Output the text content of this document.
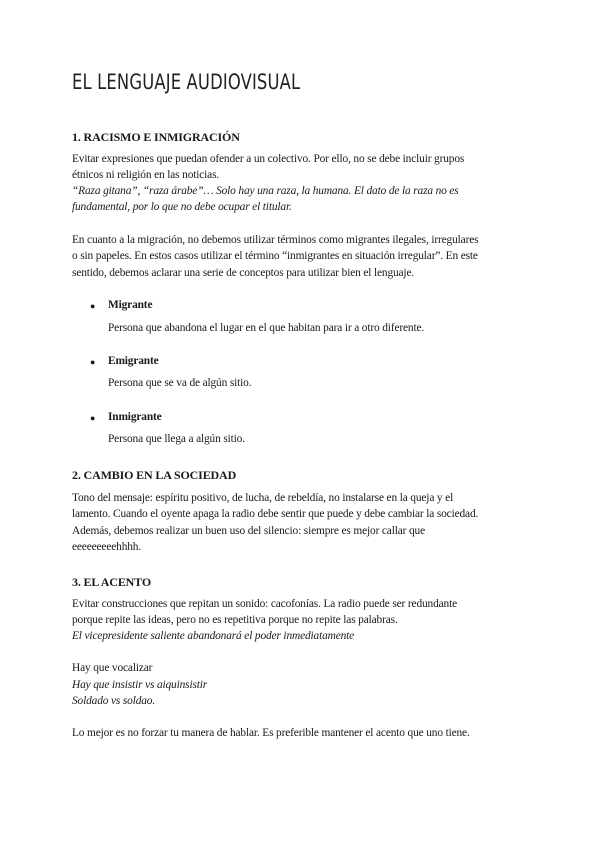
EL LENGUAJE AUDIOVISUAL
1. RACISMO E INMIGRACIÓN

Evitar expresiones que puedan ofender a un colectivo. Por ello, no se debe incluir grupos
étnicos ni religión en las noticias.

“Raza gitana”, “raza árabe”… Solo hay una raza, la humana. El dato de la raza no es
fundamental, por lo que no debe ocupar el titular.

En cuanto a la migración, no debemos utilizar términos como migrantes ilegales, irregulares
o sin papeles. En estos casos utilizar el término “inmigrantes en situación irregular”. En este
sentido, debemos aclarar una serie de conceptos para utilizar bien el lenguaje.

● Migrante
Persona que abandona el lugar en el que habitan para ir a otro diferente.
● Emigrante
Persona que se va de algún sitio.
● Inmigrante
Persona que llega a algún sitio.
2. CAMBIO EN LA SOCIEDAD

Tono del mensaje: espíritu positivo, de lucha, de rebeldía, no instalarse en la queja y el
lamento. Cuando el oyente apaga la radio debe sentir que puede y debe cambiar la sociedad.
Además, debemos realizar un buen uso del silencio: siempre es mejor callar que
eeeeeeeeehhhh.

3. EL ACENTO

Evitar construcciones que repitan un sonido: cacofonías. La radio puede ser redundante
porque repite las ideas, pero no es repetitiva porque no repite las palabras.

El vicepresidente saliente abandonará el poder inmediatamente

Hay que vocalizar

Hay que insistir vs aiquinsistir
Soldado vs soldao.

Lo mejor es no forzar tu manera de hablar. Es preferible mantener el acento que uno tiene.
